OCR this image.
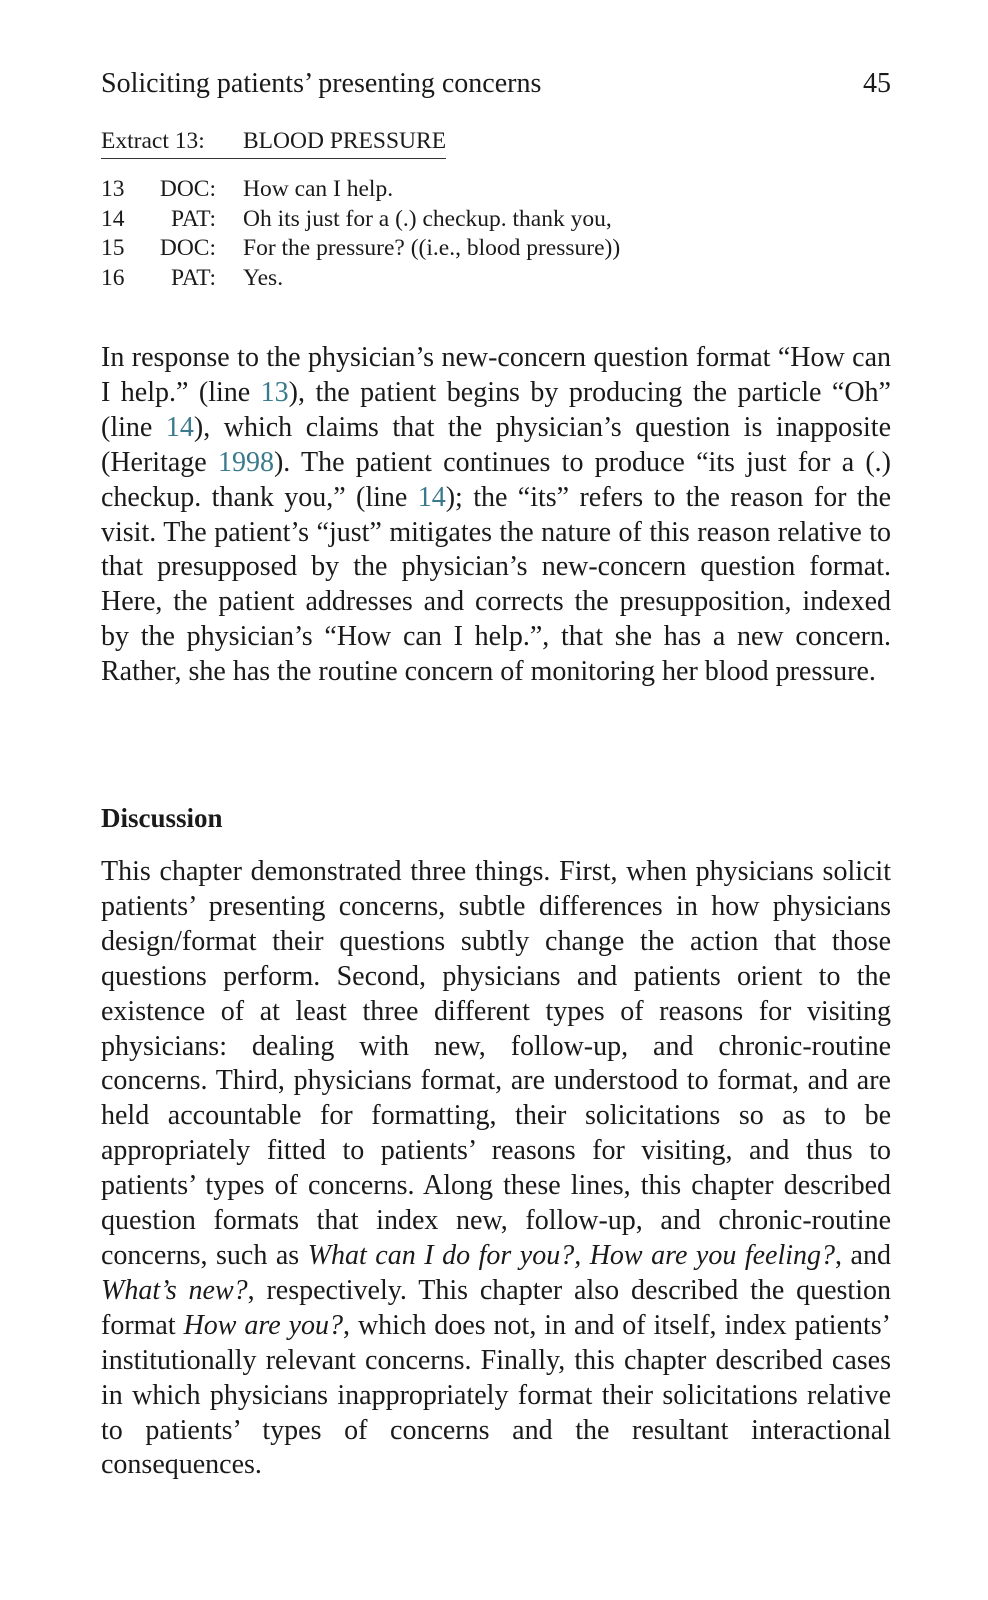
Soliciting patients’ presenting concerns	45
Extract 13: BLOOD PRESSURE
13 DOC: How can I help.
14	PAT: Oh its just for a (.) checkup. thank you,
15 DOC: For the pressure? ((i.e., blood pressure))
16	PAT: Yes.

In response to the physician’s new-concern question format “How can I help.” (line 13), the patient begins by producing the particle “Oh” (line 14), which claims that the physician’s question is inapposite (Heritage 1998). The patient continues to produce “its just for a (.) checkup. thank you,” (line 14); the “its” refers to the reason for the visit. The patient’s “just” mitigates the nature of this reason relative to that presupposed by the physician’s new-concern question format. Here, the patient addresses and corrects the presupposition, indexed by the physician’s “How can I help.”, that she has a new concern. Rather, she has the routine concern of monitoring her blood pressure.

Discussion

This chapter demonstrated three things. First, when physicians solicit patients’ presenting concerns, subtle differences in how physicians design/format their questions subtly change the action that those questions perform. Second, physicians and patients orient to the existence of at least three different types of reasons for visiting physicians: dealing with new, follow-up, and chronic-routine concerns. Third, physicians format, are understood to format, and are held accountable for formatting, their solicitations so as to be appropriately fitted to patients’ reasons for visiting, and thus to patients’ types of concerns. Along these lines, this chapter described question formats that index new, follow-up, and chronic-routine concerns, such as What can I do for you?, How are you feeling?, and What’s new?, respectively. This chapter also described the question format How are you?, which does not, in and of itself, index patients’ institutionally relevant concerns. Finally, this chapter described cases in which physicians inappropriately format their solicitations relative to patients’ types of concerns and the resultant interactional consequences.
